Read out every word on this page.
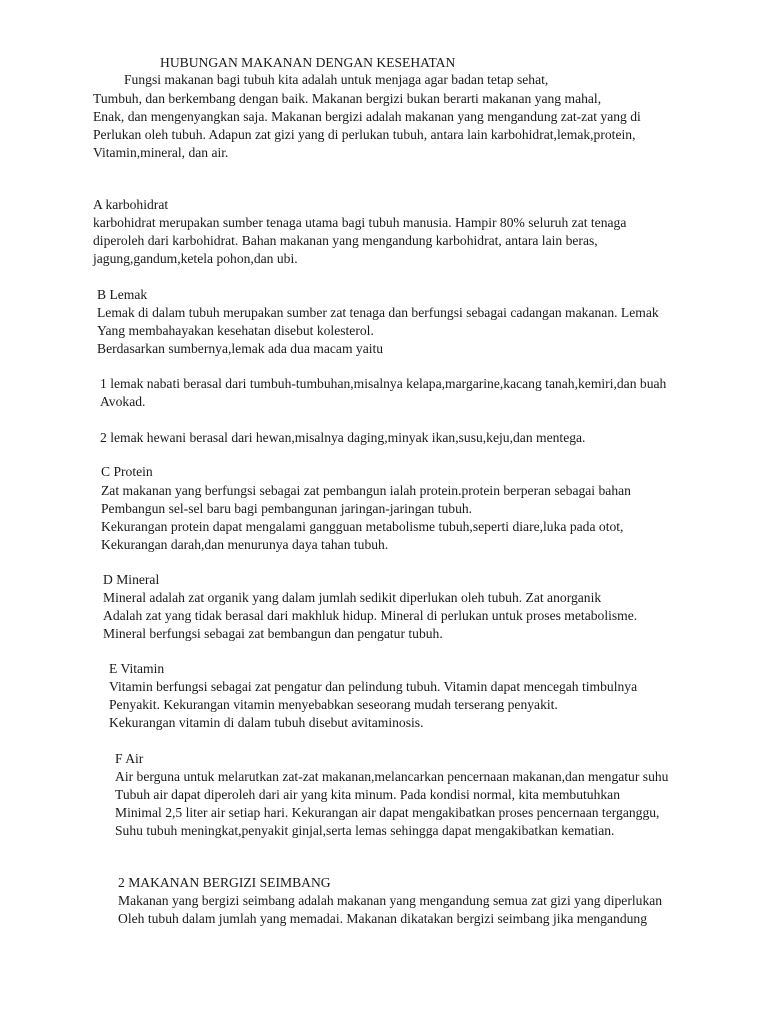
HUBUNGAN MAKANAN DENGAN KESEHATAN
Fungsi makanan bagi tubuh kita adalah untuk menjaga agar badan tetap sehat,
Tumbuh, dan berkembang dengan baik. Makanan bergizi bukan berarti makanan yang mahal,
Enak, dan mengenyangkan saja. Makanan bergizi adalah makanan yang mengandung zat-zat yang di
Perlukan oleh tubuh. Adapun zat gizi yang di perlukan tubuh, antara lain karbohidrat,lemak,protein,
Vitamin,mineral, dan air.
A karbohidrat
karbohidrat merupakan sumber tenaga utama bagi tubuh manusia. Hampir 80% seluruh zat tenaga
diperoleh dari karbohidrat. Bahan makanan yang mengandung karbohidrat, antara lain beras,
jagung,gandum,ketela pohon,dan ubi.
B Lemak
Lemak di dalam tubuh merupakan sumber zat tenaga dan berfungsi sebagai cadangan makanan. Lemak
Yang membahayakan kesehatan disebut kolesterol.
Berdasarkan sumbernya,lemak ada dua macam yaitu
1 lemak nabati berasal dari tumbuh-tumbuhan,misalnya kelapa,margarine,kacang tanah,kemiri,dan buah
Avokad.
2 lemak hewani berasal dari hewan,misalnya daging,minyak ikan,susu,keju,dan mentega.
C Protein
Zat makanan yang berfungsi sebagai zat pembangun ialah protein.protein berperan sebagai bahan
Pembangun sel-sel baru bagi pembangunan jaringan-jaringan tubuh.
Kekurangan protein dapat mengalami gangguan metabolisme tubuh,seperti diare,luka pada otot,
Kekurangan darah,dan menurunya daya tahan tubuh.
D Mineral
Mineral adalah zat organik yang dalam jumlah sedikit diperlukan oleh tubuh. Zat anorganik
Adalah zat yang tidak berasal dari makhluk hidup. Mineral di perlukan untuk proses metabolisme.
Mineral berfungsi sebagai zat bembangun dan pengatur tubuh.
E Vitamin
Vitamin berfungsi sebagai zat pengatur dan pelindung tubuh. Vitamin dapat mencegah timbulnya
Penyakit. Kekurangan vitamin menyebabkan seseorang mudah terserang penyakit.
Kekurangan vitamin di dalam tubuh disebut avitaminosis.
F Air
Air berguna untuk melarutkan zat-zat makanan,melancarkan pencernaan makanan,dan mengatur suhu
Tubuh air dapat diperoleh dari air yang kita minum. Pada kondisi normal, kita membutuhkan
Minimal 2,5 liter air setiap hari. Kekurangan air dapat mengakibatkan proses pencernaan terganggu,
Suhu tubuh meningkat,penyakit ginjal,serta lemas sehingga dapat mengakibatkan kematian.
2 MAKANAN BERGIZI SEIMBANG
Makanan yang bergizi seimbang adalah makanan yang mengandung semua zat gizi yang diperlukan
Oleh tubuh dalam jumlah yang memadai. Makanan dikatakan bergizi seimbang jika mengandung
